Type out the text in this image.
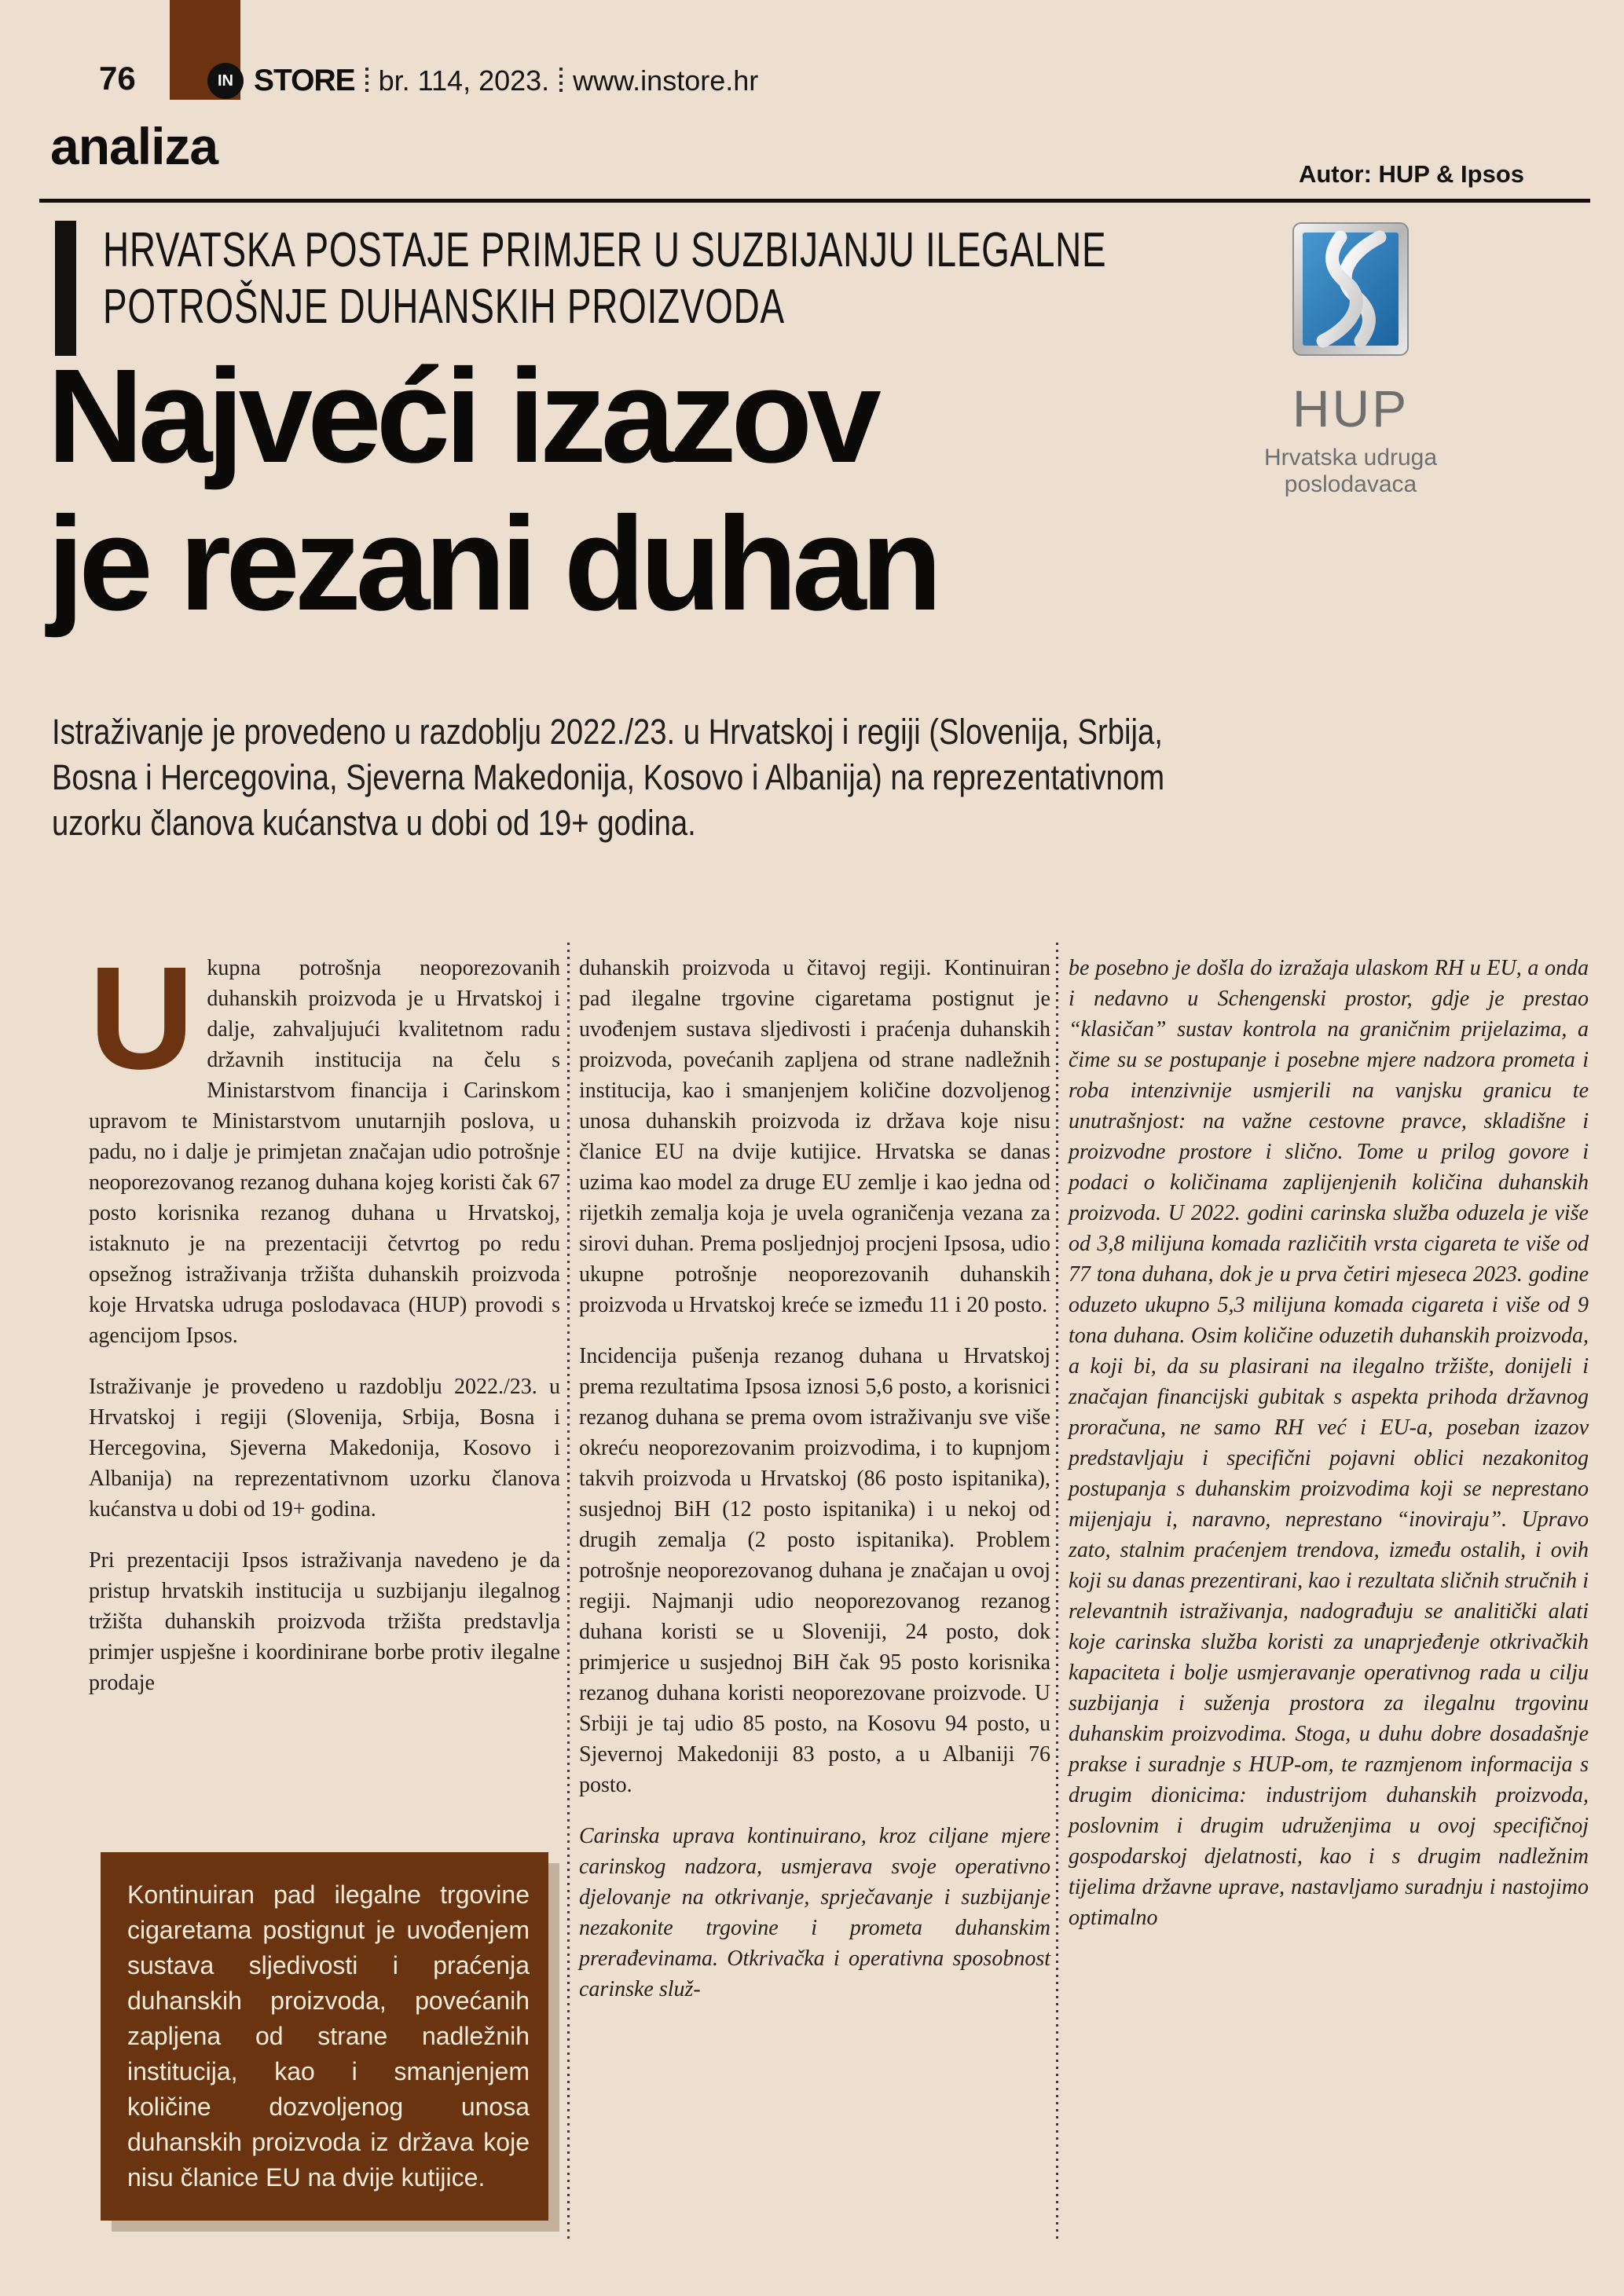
76	IN STORE br. 114, 2023. www.instore.hr
analiza	Autor: HUP & Ipsos
HRVATSKA POSTAJE PRIMJER U SUZBIJANJU ILEGALNE
POTROŠNJE DUHANSKIH PROIZVODA
Najveći izazov
je rezani duhan
HUP
Hrvatska udruga poslodavaca

Istraživanje je provedeno u razdoblju 2022./23. u Hrvatskoj i regiji (Slovenija, Srbija, Bosna i Hercegovina, Sjeverna Makedonija, Kosovo i Albanija) na reprezentativnom uzorku članova kućanstva u dobi od 19+ godina.

Ukupna potrošnja neoporezovanih duhanskih proizvoda je u Hrvatskoj i dalje, zahvaljujući kvalitetnom radu državnih institucija na čelu s Ministarstvom financija i Carinskom upravom te Ministarstvom unutarnjih poslova, u padu, no i dalje je primjetan značajan udio potrošnje neoporezovanog rezanog duhana kojeg koristi čak 67 posto korisnika rezanog duhana u Hrvatskoj, istaknuto je na prezentaciji četvrtog po redu opsežnog istraživanja tržišta duhanskih proizvoda koje Hrvatska udruga poslodavaca (HUP) provodi s agencijom Ipsos.

Istraživanje je provedeno u razdoblju 2022./23. u Hrvatskoj i regiji (Slovenija, Srbija, Bosna i Hercegovina, Sjeverna Makedonija, Kosovo i Albanija) na reprezentativnom uzorku članova kućanstva u dobi od 19+ godina.

Pri prezentaciji Ipsos istraživanja navedeno je da pristup hrvatskih institucija u suzbijanju ilegalnog tržišta duhanskih proizvoda tržišta predstavlja primjer uspješne i koordinirane borbe protiv ilegalne prodaje

Kontinuiran pad ilegalne trgovine cigaretama postignut je uvođenjem sustava sljedivosti i praćenja duhanskih proizvoda, povećanih zapljena od strane nadležnih institucija, kao i smanjenjem količine dozvoljenog unosa duhanskih proizvoda iz država koje nisu članice EU na dvije kutijice.

duhanskih proizvoda u čitavoj regiji. Kontinuiran pad ilegalne trgovine cigaretama postignut je uvođenjem sustava sljedivosti i praćenja duhanskih proizvoda, povećanih zapljena od strane nadležnih institucija, kao i smanjenjem količine dozvoljenog unosa duhanskih proizvoda iz država koje nisu članice EU na dvije kutijice. Hrvatska se danas uzima kao model za druge EU zemlje i kao jedna od rijetkih zemalja koja je uvela ograničenja vezana za sirovi duhan. Prema posljednjoj procjeni Ipsosa, udio ukupne potrošnje neoporezovanih duhanskih proizvoda u Hrvatskoj kreće se između 11 i 20 posto.

Incidencija pušenja rezanog duhana u Hrvatskoj prema rezultatima Ipsosa iznosi 5,6 posto, a korisnici rezanog duhana se prema ovom istraživanju sve više okreću neoporezovanim proizvodima, i to kupnjom takvih proizvoda u Hrvatskoj (86 posto ispitanika), susjednoj BiH (12 posto ispitanika) i u nekoj od drugih zemalja (2 posto ispitanika). Problem potrošnje neoporezovanog duhana je značajan u ovoj regiji. Najmanji udio neoporezovanog rezanog duhana koristi se u Sloveniji, 24 posto, dok primjerice u susjednoj BiH čak 95 posto korisnika rezanog duhana koristi neoporezovane proizvode. U Srbiji je taj udio 85 posto, na Kosovu 94 posto, u Sjevernoj Makedoniji 83 posto, a u Albaniji 76 posto.

Carinska uprava kontinuirano, kroz ciljane mjere carinskog nadzora, usmjerava svoje operativno djelovanje na otkrivanje, sprječavanje i suzbijanje nezakonite trgovine i prometa duhanskim prerađevinama. Otkrivačka i operativna sposobnost carinske služ-

be posebno je došla do izražaja ulaskom RH u EU, a onda i nedavno u Schengenski prostor, gdje je prestao “klasičan” sustav kontrola na graničnim prijelazima, a čime su se postupanje i posebne mjere nadzora prometa i roba intenzivnije usmjerili na vanjsku granicu te unutrašnjost: na važne cestovne pravce, skladišne i proizvodne prostore i slično. Tome u prilog govore i podaci o količinama zaplijenjenih količina duhanskih proizvoda. U 2022. godini carinska služba oduzela je više od 3,8 milijuna komada različitih vrsta cigareta te više od 77 tona duhana, dok je u prva četiri mjeseca 2023. godine oduzeto ukupno 5,3 milijuna komada cigareta i više od 9 tona duhana. Osim količine oduzetih duhanskih proizvoda, a koji bi, da su plasirani na ilegalno tržište, donijeli i značajan financijski gubitak s aspekta prihoda državnog proračuna, ne samo RH već i EU-a, poseban izazov predstavljaju i specifični pojavni oblici nezakonitog postupanja s duhanskim proizvodima koji se neprestano mijenjaju i, naravno, neprestano “inoviraju”. Upravo zato, stalnim praćenjem trendova, između ostalih, i ovih koji su danas prezentirani, kao i rezultata sličnih stručnih i relevantnih istraživanja, nadograđuju se analitički alati koje carinska služba koristi za unaprjeđenje otkrivačkih kapaciteta i bolje usmjeravanje operativnog rada u cilju suzbijanja i suženja prostora za ilegalnu trgovinu duhanskim proizvodima. Stoga, u duhu dobre dosadašnje prakse i suradnje s HUP-om, te razmjenom informacija s drugim dionicima: industrijom duhanskih proizvoda, poslovnim i drugim udruženjima u ovoj specifičnoj gospodarskoj djelatnosti, kao i s drugim nadležnim tijelima državne uprave, nastavljamo suradnju i nastojimo optimalno
